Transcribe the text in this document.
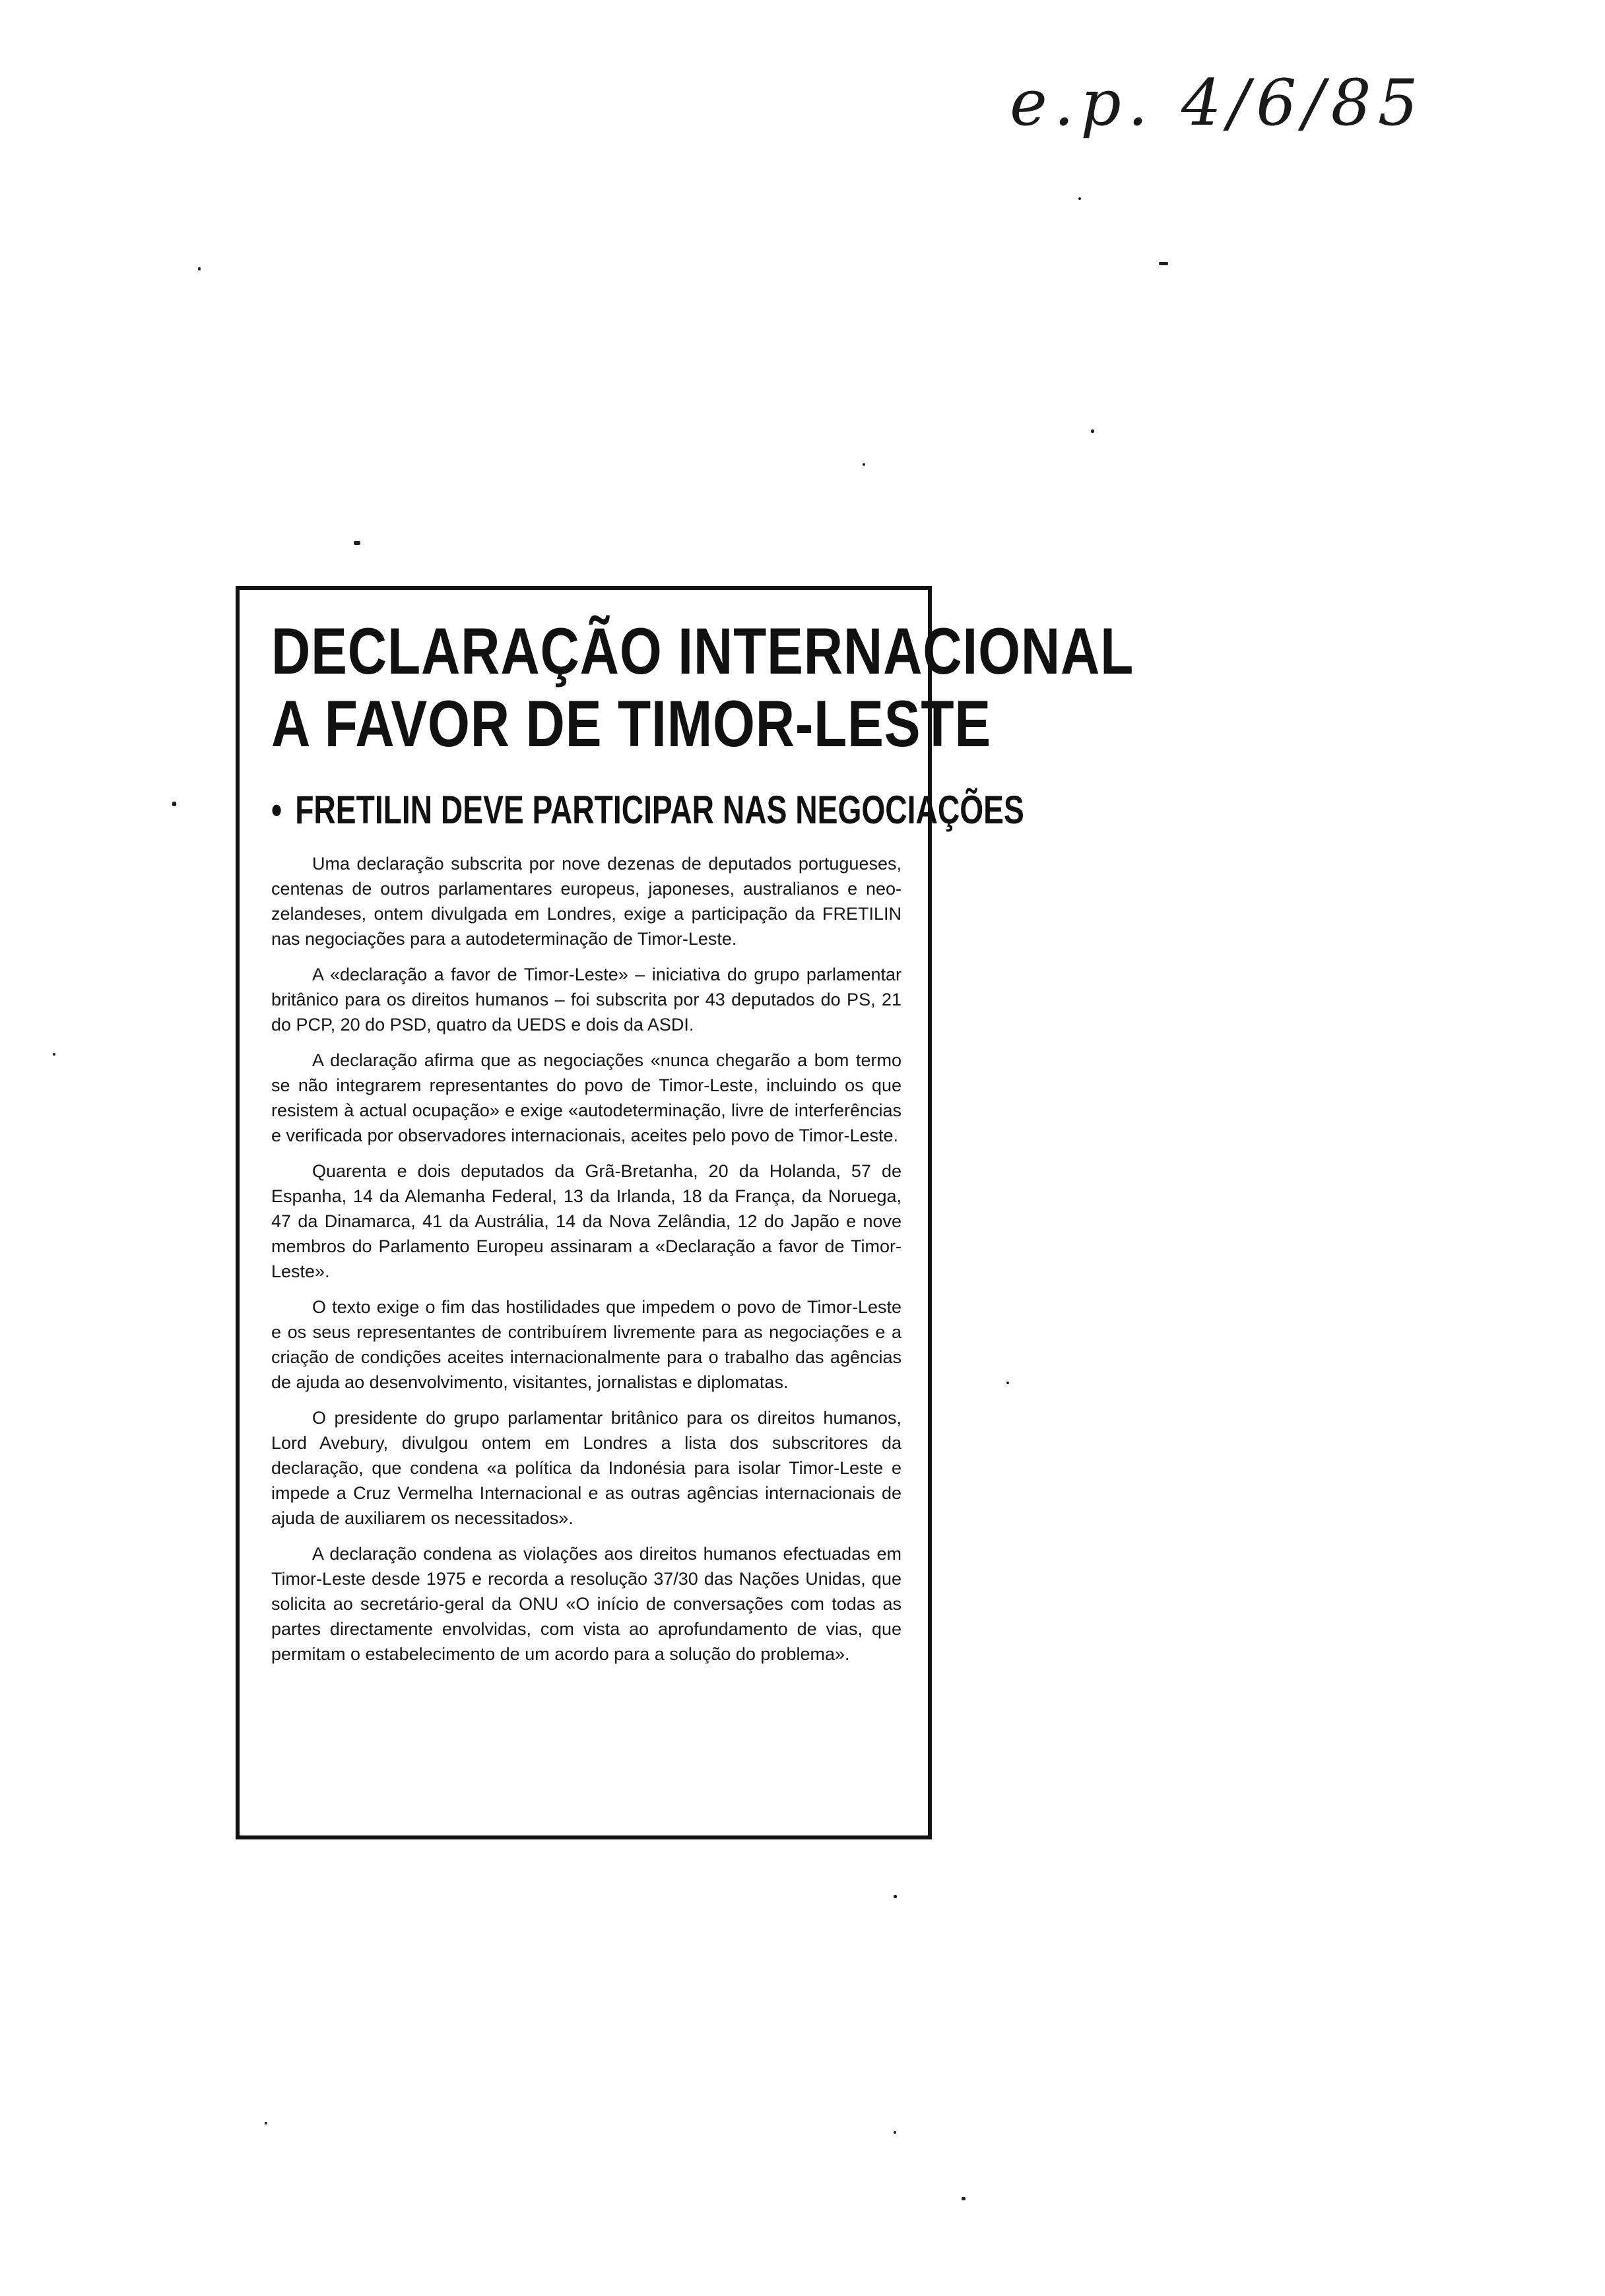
e.p. 4/6/85
DECLARAÇÃO INTERNACIONAL
A FAVOR DE TIMOR-LESTE
• FRETILIN DEVE PARTICIPAR NAS NEGOCIAÇÕES

Uma declaração subscrita por nove dezenas de deputados portugueses, centenas de outros parlamentares europeus, japoneses, australianos e neo-zelandeses, ontem divulgada em Londres, exige a participação da FRETILIN nas negociações para a autodeterminação de Timor-Leste.

A «declaração a favor de Timor-Leste» – iniciativa do grupo parlamentar britânico para os direitos humanos – foi subscrita por 43 deputados do PS, 21 do PCP, 20 do PSD, quatro da UEDS e dois da ASDI.

A declaração afirma que as negociações «nunca chegarão a bom termo se não integrarem representantes do povo de Timor-Leste, incluindo os que resistem à actual ocupação» e exige «autodeterminação, livre de interferências e verificada por observadores internacionais, aceites pelo povo de Timor-Leste.

Quarenta e dois deputados da Grã-Bretanha, 20 da Holanda, 57 de Espanha, 14 da Alemanha Federal, 13 da Irlanda, 18 da França, da Noruega, 47 da Dinamarca, 41 da Austrália, 14 da Nova Zelândia, 12 do Japão e nove membros do Parlamento Europeu assinaram a «Declaração a favor de Timor-Leste».

O texto exige o fim das hostilidades que impedem o povo de Timor-Leste e os seus representantes de contribuírem livremente para as negociações e a criação de condições aceites internacionalmente para o trabalho das agências de ajuda ao desenvolvimento, visitantes, jornalistas e diplomatas.

O presidente do grupo parlamentar britânico para os direitos humanos, Lord Avebury, divulgou ontem em Londres a lista dos subscritores da declaração, que condena «a política da Indonésia para isolar Timor-Leste e impede a Cruz Vermelha Internacional e as outras agências internacionais de ajuda de auxiliarem os necessitados».

A declaração condena as violações aos direitos humanos efectuadas em Timor-Leste desde 1975 e recorda a resolução 37/30 das Nações Unidas, que solicita ao secretário-geral da ONU «O início de conversações com todas as partes directamente envolvidas, com vista ao aprofundamento de vias, que permitam o estabelecimento de um acordo para a solução do problema».
